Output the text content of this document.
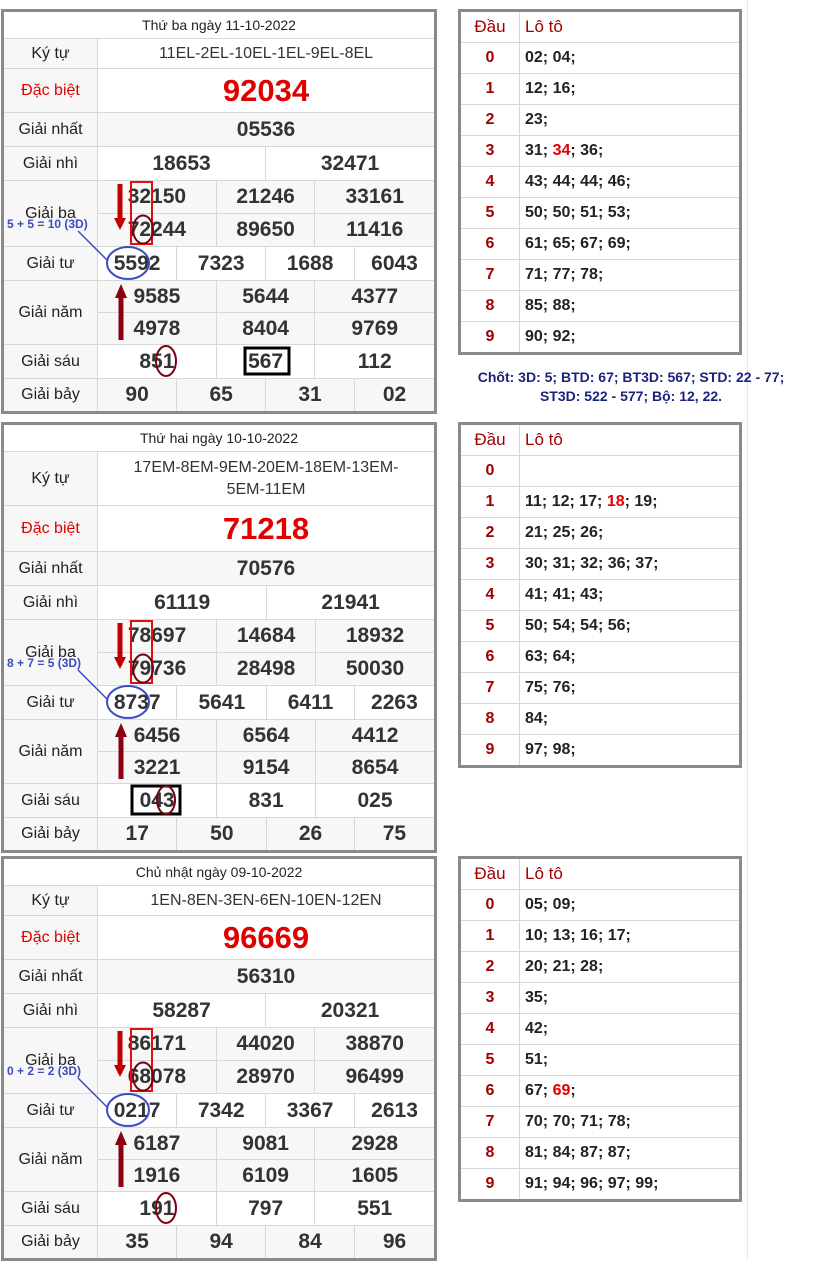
Thứ ba ngày 11-10-2022						
Ký tự	11EL-2EL-10EL-1EL-9EL-8EL					
Đặc biệt	92034					
Giải nhất	05536					
Giải nhì	18653			32471		
Giải ba	32150		21246		33161	
	72244		89650		11416	
Giải tư	5592	7323		1688		6043
Giải năm	9585		5644		4377	
	4978		8404		9769	
Giải sáu	851		567		112	
Giải bảy	90	65		31		02
Đầu	Lô tô
0	02; 04;
1	12; 16;
2	23;
3	31; 34; 36;
4	43; 44; 44; 46;
5	50; 50; 51; 53;
6	61; 65; 67; 69;
7	71; 77; 78;
8	85; 88;
9	90; 92;
5 + 5 = 10 (3D)
Thứ hai ngày 10-10-2022						
Ký tự	17EM-8EM-9EM-20EM-18EM-13EM-5EM-11EM					
Đặc biệt	71218					
Giải nhất	70576					
Giải nhì	61119			21941		
Giải ba	78697		14684		18932	
	79736		28498		50030	
Giải tư	8737	5641		6411		2263
Giải năm	6456		6564		4412	
	3221		9154		8654	
Giải sáu	043		831		025	
Giải bảy	17	50		26		75
Đầu	Lô tô
0	
1	11; 12; 17; 18; 19;
2	21; 25; 26;
3	30; 31; 32; 36; 37;
4	41; 41; 43;
5	50; 54; 54; 56;
6	63; 64;
7	75; 76;
8	84;
9	97; 98;
8 + 7 = 5 (3D)
Chủ nhật ngày 09-10-2022						
Ký tự	1EN-8EN-3EN-6EN-10EN-12EN					
Đặc biệt	96669					
Giải nhất	56310					
Giải nhì	58287			20321		
Giải ba	86171		44020		38870	
	68078		28970		96499	
Giải tư	0217	7342		3367		2613
Giải năm	6187		9081		2928	
	1916		6109		1605	
Giải sáu	191		797		551	
Giải bảy	35	94		84		96
Đầu	Lô tô
0	05; 09;
1	10; 13; 16; 17;
2	20; 21; 28;
3	35;
4	42;
5	51;
6	67; 69;
7	70; 70; 71; 78;
8	81; 84; 87; 87;
9	91; 94; 96; 97; 99;
0 + 2 = 2 (3D)
Chốt: 3D: 5; BTD: 67; BT3D: 567; STD: 22 - 77;
ST3D: 522 - 577; Bộ: 12, 22.
